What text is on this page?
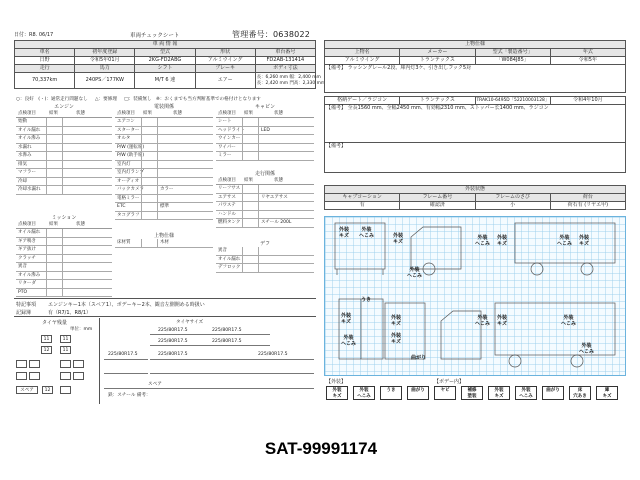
日付：R8. 06/17	車両チェックシート	管理番号：0638022
車 両 情 報				
車名	初年度登録	型式	形状	車台番号
日野	令和5年01月	2KG-FD2ABG	アルミウイング	FD2AB-131414
走行	馬力	シフト	ブレーキ	ボディ寸法
70,337km	240PS／177KW	M/T 6 速	エアー	長：6,260 mm 幅：2,400 mm
長：2,420 mm 門高：2,330 mm
○：良好 (・)：通常走行問題なし △：要修理 □：装備無し ※：おくまでも当方判断基準での格付けとなります
エンジン
点検項目	結果	状態
始動
オイル漏れ
オイル滲み
水漏れ
水滲み
排気
マフラー
冷却
冷却水漏れ
ミッション
点検項目	結果	状態
オイル漏れ
ギア鳴き
ギア抜け
クラッチ
異音
オイル滲み
リターダ
PTO
電装関係
点検項目 結果	状態
エアコン
スターター
オルタ
P/W (運転席)
P/W (助手席)
室内灯
室内灯ランプ
オーディオ
バックカメラ	カラー
電格ミラー
ETC	標準
タコグラフ
上物仕様
床材質	木材
キャビン
点検項目 結果	状態
シート
ヘッドライト	LED
ウインカー
ワイパー
ミラー
走行関係
点検項目 結果	状態
リーフサス
エアサス	リヤエアサス
パワステ
ハンドル
燃料タンク	スチール 200L
デフ
異音
オイル漏れ
デフロック
特記事項 エンジンキー1本（スペア1）、ボデーキー2本、観音左側開める時扱い
記録簿	有（R7/1、R8/1）
タイヤ残量
単位：mm
11	11
12	11
スペア	12
タイヤサイズ
225/80R17.5	225/80R17.5
225/80R17.5	225/80R17.5
225/80R17.5	225/80R17.5	225/80R17.5
スペア
鉄：スチール 備考：
上物仕様			
上物名	メーカー	型式「製造番号」	年式
アルミウイング	トランテックス	「W084J85」	令和5年
【備考】 ラッシングレール2段、庫内灯3ケ、引き出しフック5対			
格納ゲート／ラジコン	トランテックス	TRAK10-6495D「52210003128」	令和4年10月
【備考】 全長1560 mm、全幅2450 mm、有効幅2310 mm、ストッパー长1400 mm、ラジコン
【備考】
外装状態			
キャブコーション	フレーム番号	フレームのさび	荷台
有	確認済	小	荷石有 (リヤエ甲)
外装
キズ
外装
へこみ	外装
キズ
外装
へこみ
外装
キズ
外装
へこみ
外装
キズ
外装
へこみ
うき
外装
キズ
外装
へこみ
外装
キズ
外装
へこみ
外装
キズ
外装
へこみ
曲がり
外装
キズ
外装
へこみ
【外装】	【ボデー内】
外装
キズ
外装
へこみ
うき	曲がり	ヤビ	補修
塗装
外装
キズ
外装
へこみ
曲がり	床
穴あき
庫
キズ
SAT-99991174
